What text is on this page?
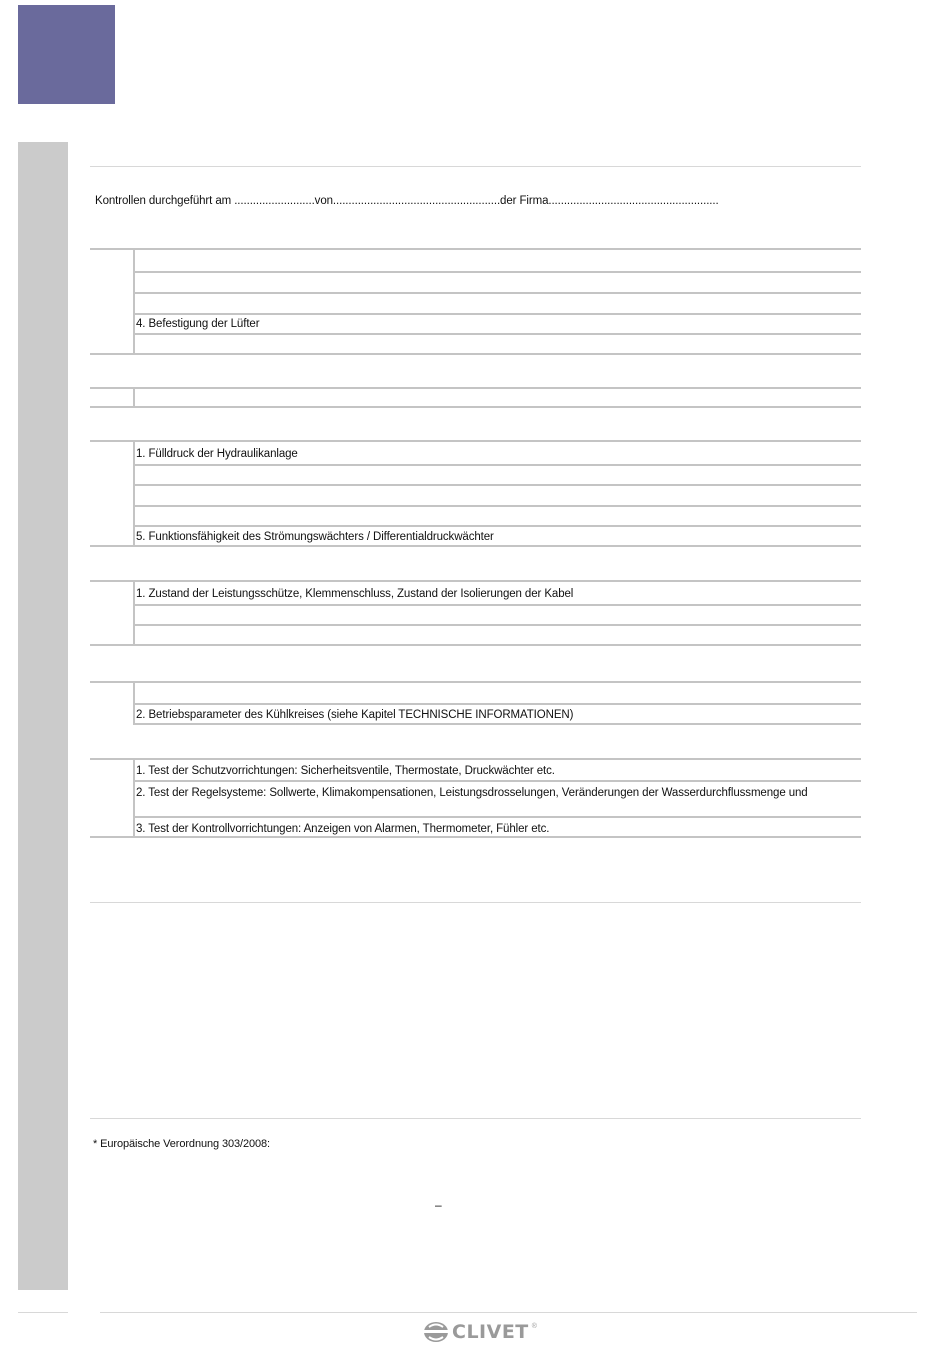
Kontrollen durchgeführt am ..........................von......................................................der Firma.......................................................
4. Befestigung der Lüfter
1. Fülldruck der Hydraulikanlage
5. Funktionsfähigkeit des Strömungswächters / Differentialdruckwächter
1. Zustand der Leistungsschütze, Klemmenschluss, Zustand der Isolierungen der Kabel
2. Betriebsparameter des Kühlkreises (siehe Kapitel TECHNISCHE INFORMATIONEN)
1. Test der Schutzvorrichtungen: Sicherheitsventile, Thermostate, Druckwächter etc.
2. Test der Regelsysteme: Sollwerte, Klimakompensationen, Leistungsdrosselungen, Veränderungen der Wasserdurchflussmenge und
3. Test der Kontrollvorrichtungen: Anzeigen von Alarmen, Thermometer, Fühler etc.
* Europäische Verordnung 303/2008:
–
CLIVET ®
